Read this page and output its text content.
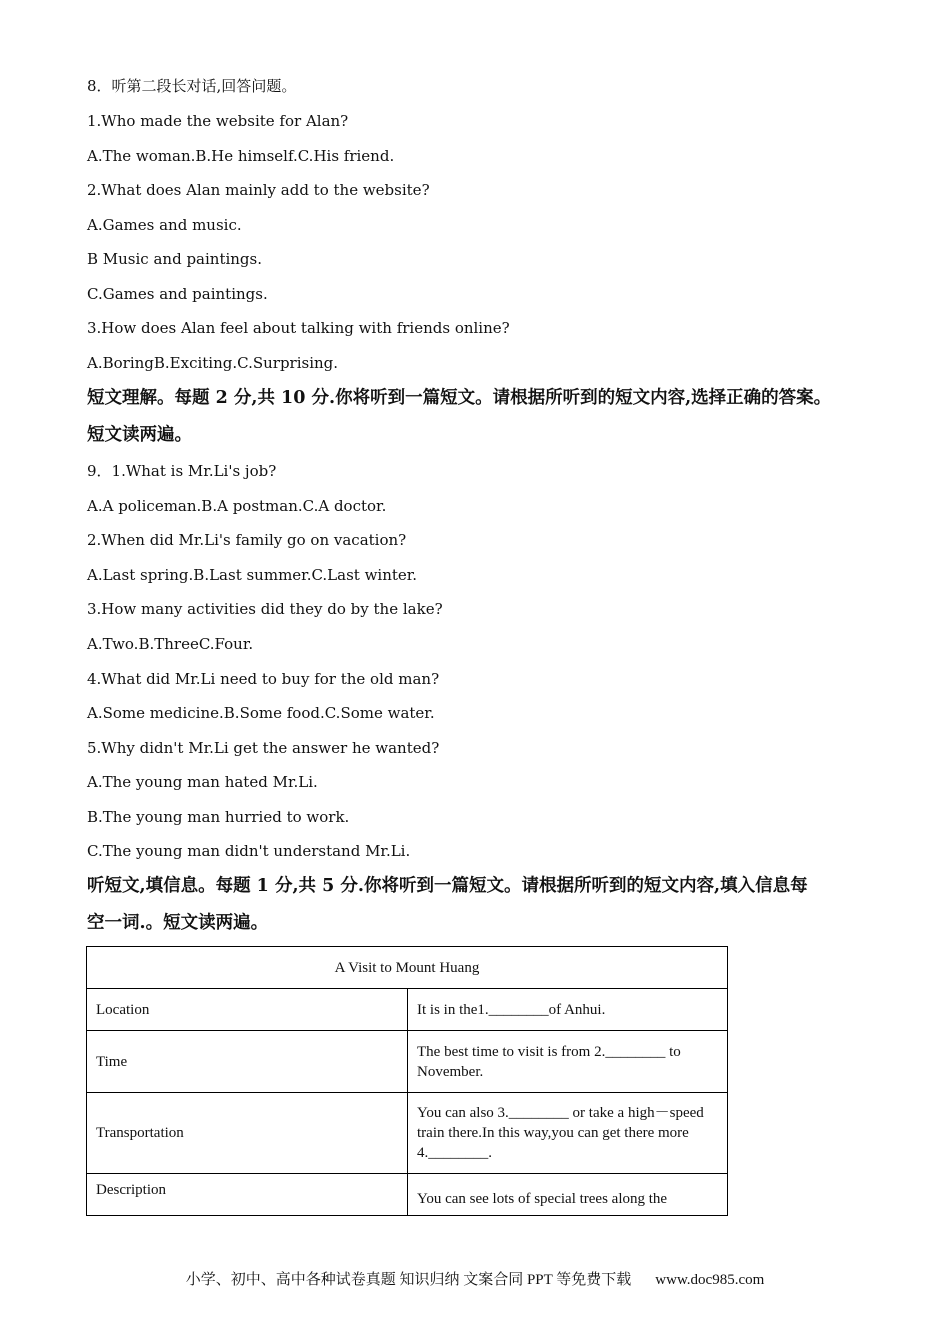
8．听第二段长对话,回答问题。
1.Who made the website for Alan?
A.The woman.B.He himself.C.His friend.
2.What does Alan mainly add to the website?
A.Games and music.
B Music and paintings.
C.Games and paintings.
3.How does Alan feel about talking with friends online?
A.BoringB.Exciting.C.Surprising.
短文理解。每题 2 分,共 10 分.你将听到一篇短文。请根据所听到的短文内容,选择正确的答案。
短文读两遍。
9．1.What is Mr.Li's job?
A.A policeman.B.A postman.C.A doctor.
2.When did Mr.Li's family go on vacation?
A.Last spring.B.Last summer.C.Last winter.
3.How many activities did they do by the lake?
A.Two.B.ThreeC.Four.
4.What did Mr.Li need to buy for the old man?
A.Some medicine.B.Some food.C.Some water.
5.Why didn't Mr.Li get the answer he wanted?
A.The young man hated Mr.Li.
B.The young man hurried to work.
C.The young man didn't understand Mr.Li.
听短文,填信息。每题 1 分,共 5 分.你将听到一篇短文。请根据所听到的短文内容,填入信息每
空一词.。短文读两遍。
A Visit to Mount Huang	
Location	It is in the1.________of Anhui.
Time	The best time to visit is from 2.________ to November.
Transportation	You can also 3.________ or take a high－speed train there.In this way,you can get there more 4.________.
Description	You can see lots of special trees along the
小学、初中、高中各种试卷真题 知识归纳 文案合同 PPT 等免费下载 www.doc985.com
